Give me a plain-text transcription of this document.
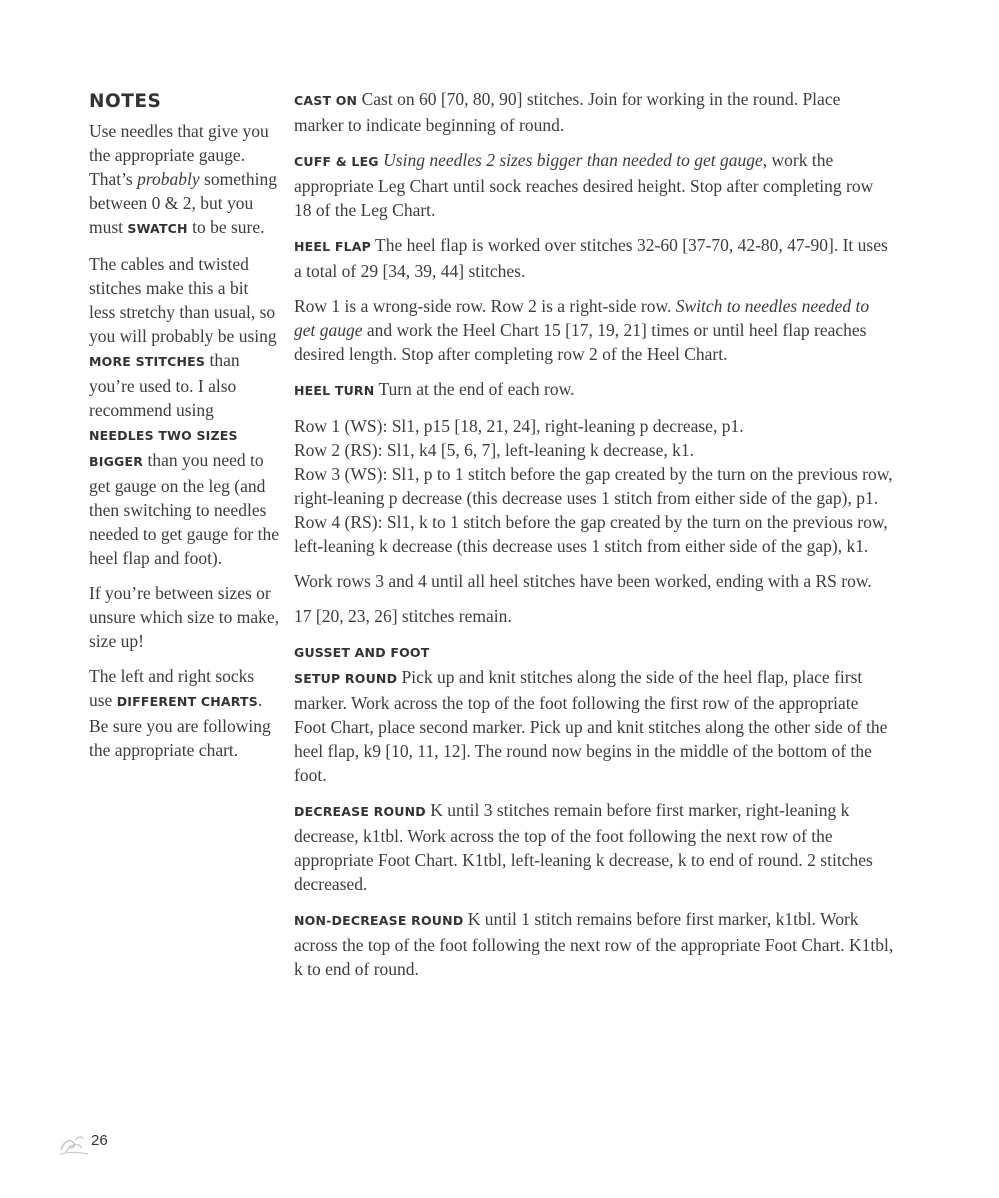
NOTES

Use needles that give you the appropriate gauge. That’s probably something between 0 & 2, but you must SWATCH to be sure.

The cables and twisted stitches make this a bit less stretchy than usual, so you will probably be using MORE STITCHES than you’re used to. I also recommend using NEEDLES TWO SIZES BIGGER than you need to get gauge on the leg (and then switching to needles needed to get gauge for the heel flap and foot).

If you’re between sizes or unsure which size to make, size up!

The left and right socks use DIFFERENT CHARTS. Be sure you are following the appropriate chart.

CAST ON Cast on 60 [70, 80, 90] stitches. Join for working in the round. Place marker to indicate beginning of round.

CUFF & LEG Using needles 2 sizes bigger than needed to get gauge, work the appropriate Leg Chart until sock reaches desired height. Stop after completing row 18 of the Leg Chart.

HEEL FLAP The heel flap is worked over stitches 32-60 [37-70, 42-80, 47-90]. It uses a total of 29 [34, 39, 44] stitches.

Row 1 is a wrong-side row. Row 2 is a right-side row. Switch to needles needed to get gauge and work the Heel Chart 15 [17, 19, 21] times or until heel flap reaches desired length. Stop after completing row 2 of the Heel Chart.

HEEL TURN Turn at the end of each row.

Row 1 (WS): Sl1, p15 [18, 21, 24], right-leaning p decrease, p1.

Row 2 (RS): Sl1, k4 [5, 6, 7], left-leaning k decrease, k1.

Row 3 (WS): Sl1, p to 1 stitch before the gap created by the turn on the previous row, right-leaning p decrease (this decrease uses 1 stitch from either side of the gap), p1.

Row 4 (RS): Sl1, k to 1 stitch before the gap created by the turn on the previous row, left-leaning k decrease (this decrease uses 1 stitch from either side of the gap), k1.

Work rows 3 and 4 until all heel stitches have been worked, ending with a RS row.

17 [20, 23, 26] stitches remain.

GUSSET AND FOOT

SETUP ROUND Pick up and knit stitches along the side of the heel flap, place first marker. Work across the top of the foot following the first row of the appropriate Foot Chart, place second marker. Pick up and knit stitches along the other side of the heel flap, k9 [10, 11, 12]. The round now begins in the middle of the bottom of the foot.

DECREASE ROUND K until 3 stitches remain before first marker, right-leaning k decrease, k1tbl. Work across the top of the foot following the next row of the appropriate Foot Chart. K1tbl, left-leaning k decrease, k to end of round. 2 stitches decreased.

NON-DECREASE ROUND K until 1 stitch remains before first marker, k1tbl. Work across the top of the foot following the next row of the appropriate Foot Chart. K1tbl, k to end of round.

26
